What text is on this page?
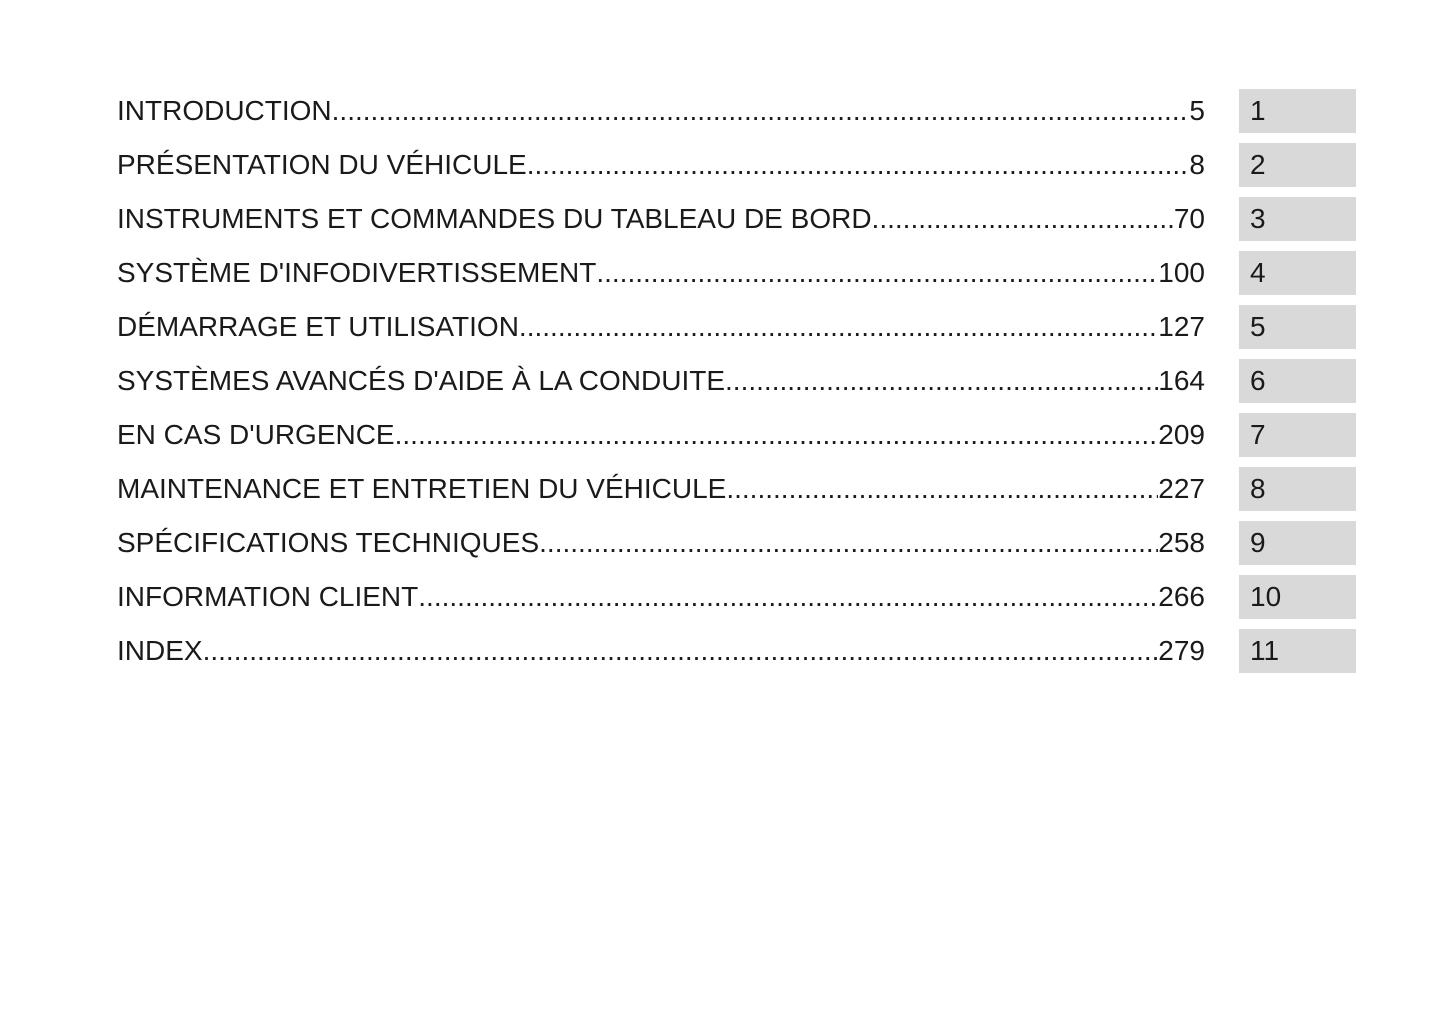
INTRODUCTION .....	5	1
PRÉSENTATION DU VÉHICULE .....	8	2
INSTRUMENTS ET COMMANDES DU TABLEAU DE BORD .....	70	3
SYSTÈME D'INFODIVERTISSEMENT .....	100	4
DÉMARRAGE ET UTILISATION .....	127	5
SYSTÈMES AVANCÉS D'AIDE À LA CONDUITE .....	164	6
EN CAS D'URGENCE .....	209	7
MAINTENANCE ET ENTRETIEN DU VÉHICULE .....	227	8
SPÉCIFICATIONS TECHNIQUES .....	258	9
INFORMATION CLIENT .....	266	10
INDEX .....	279	11
